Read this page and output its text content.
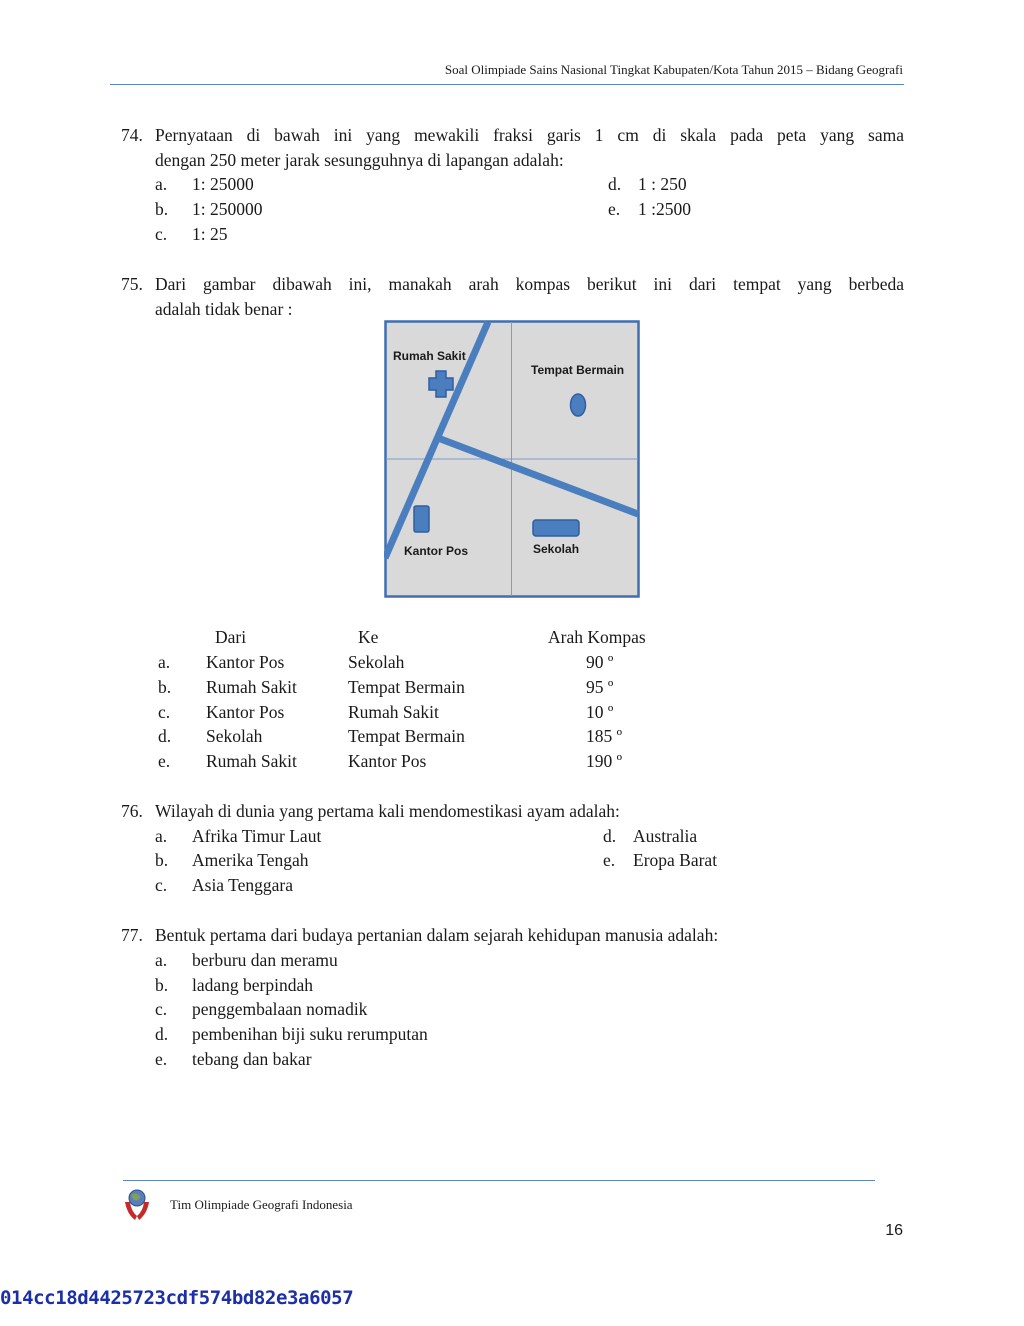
Soal Olimpiade Sains Nasional Tingkat Kabupaten/Kota Tahun 2015 – Bidang Geografi
74. Pernyataan di bawah ini yang mewakili fraksi garis 1 cm di skala pada peta yang sama
dengan 250 meter jarak sesungguhnya di lapangan adalah:
a. 1: 25000
b. 1: 250000
c. 1: 25
d. 1 : 250
e. 1 :2500
75. Dari gambar dibawah ini, manakah arah kompas berikut ini dari tempat yang berbeda
adalah tidak benar :
Rumah Sakit
Tempat Bermain
Kantor Pos	Sekolah
Dari	Ke	Arah Kompas
a. Kantor Pos	Sekolah	90 º
b. Rumah Sakit	Tempat Bermain	95 º
c. Kantor Pos	Rumah Sakit	10 º
d. Sekolah	Tempat Bermain	185 º
e. Rumah Sakit	Kantor Pos	190 º
76. Wilayah di dunia yang pertama kali mendomestikasi ayam adalah:
a. Afrika Timur Laut
b. Amerika Tengah
c. Asia Tenggara
d. Australia
e. Eropa Barat
77. Bentuk pertama dari budaya pertanian dalam sejarah kehidupan manusia adalah:
a. berburu dan meramu
b. ladang berpindah
c. penggembalaan nomadik
d. pembenihan biji suku rerumputan
e. tebang dan bakar
Tim Olimpiade Geografi Indonesia
16
014cc18d4425723cdf574bd82e3a6057
